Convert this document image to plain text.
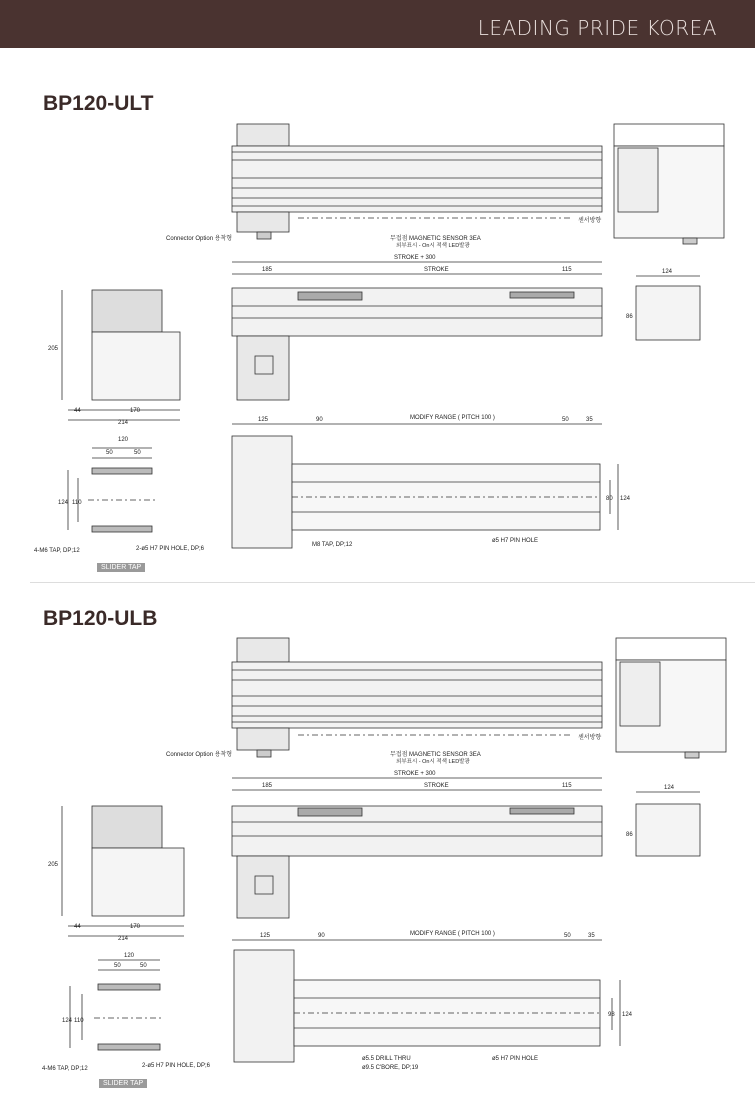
LEADING PRIDE KOREA
BP120-ULT
BP120-ULB
SLIDER TAP
SLIDER TAP
Connector Option 용착형
센서방향
무접점 MAGNETIC SENSOR 3EA
외부표시 - On시 적색 LED발광
STROKE + 300
STROKE
185	115	124
86
205
44	170
214
120
50	50
110
124
4-M6 TAP, DP;12	2-ø5 H7 PIN HOLE, DP;6
125	90	MODIFY RANGE ( PITCH 100 )	50	35
80 124
M8 TAP, DP;12
ø5 H7 PIN HOLE
Connector Option 용착형
센서방향
무접점 MAGNETIC SENSOR 3EA
외부표시 - On시 적색 LED발광
STROKE + 300
STROKE
185	115	124
86
205
44	170
214
120
50	50
110
124
4-M6 TAP, DP;12	2-ø5 H7 PIN HOLE, DP;6
125	90	MODIFY RANGE ( PITCH 100 )	50	35
98 124
ø5.5 DRILL THRU
ø9.5 C'BORE, DP;19
ø5 H7 PIN HOLE
